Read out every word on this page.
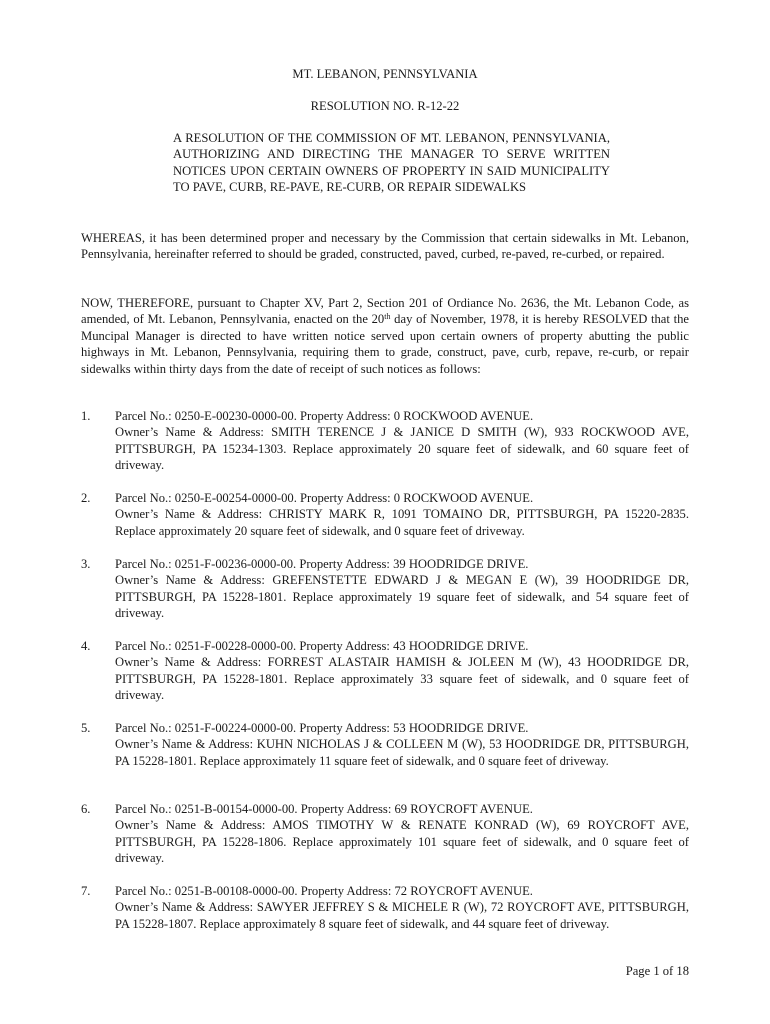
MT. LEBANON, PENNSYLVANIA
RESOLUTION NO. R-12-22
A RESOLUTION OF THE COMMISSION OF MT. LEBANON, PENNSYLVANIA, AUTHORIZING AND DIRECTING THE MANAGER TO SERVE WRITTEN NOTICES UPON CERTAIN OWNERS OF PROPERTY IN SAID MUNICIPALITY TO PAVE, CURB, RE-PAVE, RE-CURB, OR REPAIR SIDEWALKS
WHEREAS, it has been determined proper and necessary by the Commission that certain sidewalks in Mt. Lebanon, Pennsylvania, hereinafter referred to should be graded, constructed, paved, curbed, re-paved, re-curbed, or repaired.
NOW, THEREFORE, pursuant to Chapter XV, Part 2, Section 201 of Ordiance No. 2636, the Mt. Lebanon Code, as amended, of Mt. Lebanon, Pennsylvania, enacted on the 20th day of November, 1978, it is hereby RESOLVED that the Muncipal Manager is directed to have written notice served upon certain owners of property abutting the public highways in Mt. Lebanon, Pennsylvania, requiring them to grade, construct, pave, curb, repave, re-curb, or repair sidewalks within thirty days from the date of receipt of such notices as follows:
1.	Parcel No.: 0250-E-00230-0000-00. Property Address: 0 ROCKWOOD AVENUE.
Owner’s Name & Address: SMITH TERENCE J & JANICE D SMITH (W), 933 ROCKWOOD AVE, PITTSBURGH, PA 15234-1303. Replace approximately 20 square feet of sidewalk, and 60 square feet of driveway.
2.	Parcel No.: 0250-E-00254-0000-00. Property Address: 0 ROCKWOOD AVENUE.
Owner’s Name & Address: CHRISTY MARK R, 1091 TOMAINO DR, PITTSBURGH, PA 15220-2835. Replace approximately 20 square feet of sidewalk, and 0 square feet of driveway.
3.	Parcel No.: 0251-F-00236-0000-00. Property Address: 39 HOODRIDGE DRIVE.
Owner’s Name & Address: GREFENSTETTE EDWARD J & MEGAN E (W), 39 HOODRIDGE DR, PITTSBURGH, PA 15228-1801. Replace approximately 19 square feet of sidewalk, and 54 square feet of driveway.
4.	Parcel No.: 0251-F-00228-0000-00. Property Address: 43 HOODRIDGE DRIVE.
Owner’s Name & Address: FORREST ALASTAIR HAMISH & JOLEEN M (W), 43 HOODRIDGE DR, PITTSBURGH, PA 15228-1801. Replace approximately 33 square feet of sidewalk, and 0 square feet of driveway.
5.	Parcel No.: 0251-F-00224-0000-00. Property Address: 53 HOODRIDGE DRIVE.
Owner’s Name & Address: KUHN NICHOLAS J & COLLEEN M (W), 53 HOODRIDGE DR, PITTSBURGH, PA 15228-1801. Replace approximately 11 square feet of sidewalk, and 0 square feet of driveway.
6.	Parcel No.: 0251-B-00154-0000-00. Property Address: 69 ROYCROFT AVENUE.
Owner’s Name & Address: AMOS TIMOTHY W & RENATE KONRAD (W), 69 ROYCROFT AVE, PITTSBURGH, PA 15228-1806. Replace approximately 101 square feet of sidewalk, and 0 square feet of driveway.
7.	Parcel No.: 0251-B-00108-0000-00. Property Address: 72 ROYCROFT AVENUE.
Owner’s Name & Address: SAWYER JEFFREY S & MICHELE R (W), 72 ROYCROFT AVE, PITTSBURGH, PA 15228-1807. Replace approximately 8 square feet of sidewalk, and 44 square feet of driveway.
Page 1 of 18
